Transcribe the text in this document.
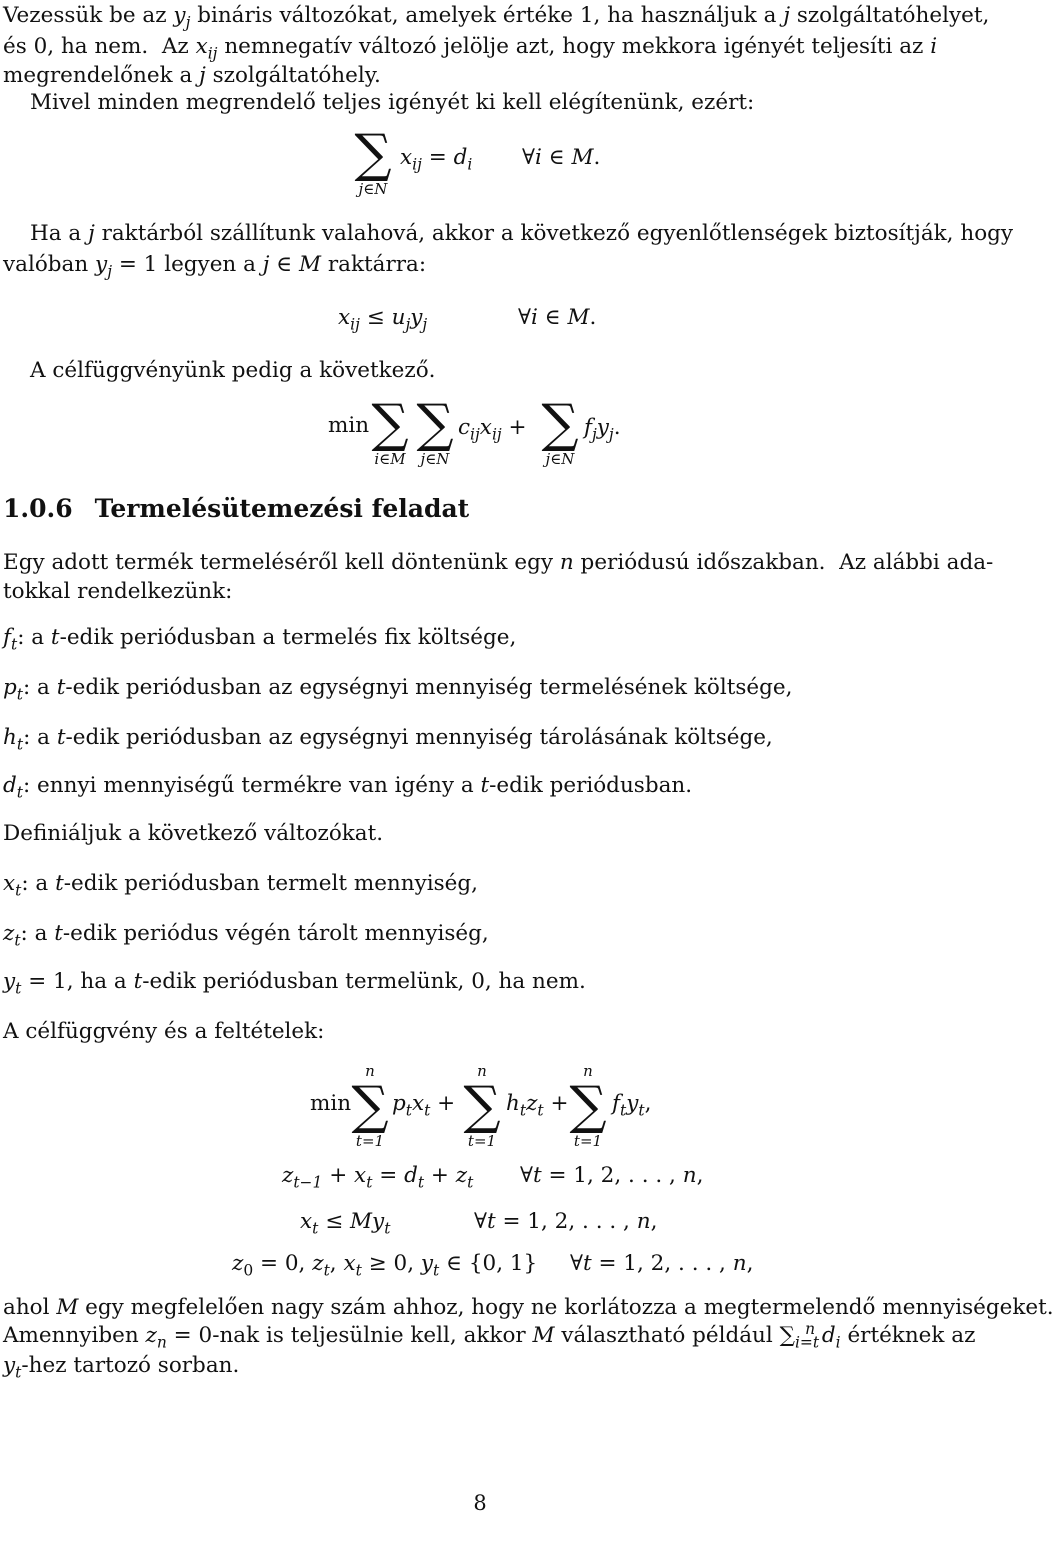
Vezessük be az $y_j$ bináris változókat, amelyek értéke 1, ha használjuk a j szolgáltatóhelyet,
és 0, ha nem.  Az $x_{ij}$ nemnegatív változó jelölje azt, hogy mekkora igényét teljesíti az i
megrendelőnek a j szolgáltatóhely.
Mivel minden megrendelő teljes igényét ki kell elégítenünk, ezért:
∑
j∈N
$x_{ij} = d_i$ ∀i ∈ M.
Ha a j raktárból szállítunk valahová, akkor a következő egyenlőtlenségek biztosítják, hogy
valóban $y_j = 1$ legyen a j ∈ M raktárra:
$x_{ij} \le u_jy_j$	∀i ∈ M.
A célfüggvényünk pedig a következő.
min ∑
i∈M
∑
j∈N
$c_{ij}x_{ij}$ + ∑
j∈N
$f_jy_j$.
1.0.6 Termelésütemezési feladat
Egy adott termék termeléséről kell döntenünk egy n periódusú időszakban.  Az alábbi ada-
tokkal rendelkezünk:
$f_t$: a t-edik periódusban a termelés fix költsége,
$p_t$: a t-edik periódusban az egységnyi mennyiség termelésének költsége,
$h_t$: a t-edik periódusban az egységnyi mennyiség tárolásának költsége,
$d_t$: ennyi mennyiségű termékre van igény a t-edik periódusban.
Definiáljuk a következő változókat.
$x_t$: a t-edik periódusban termelt mennyiség,
$z_t$: a t-edik periódus végén tárolt mennyiség,
$y_t = 1$, ha a t-edik periódusban termelünk, 0, ha nem.
A célfüggvény és a feltételek:
min
n
∑
t=1
$p_tx_t$ +
n
∑
t=1
$h_tz_t$ +
n
∑
t=1
$f_ty_t$,
$z_{t-1} + x_t = d_t + z_t$ ∀t = 1, 2, . . . , n,
$x_t \le My_t$	∀t = 1, 2, . . . , n,
$z_0 = 0$, $z_t$, $x_t \ge 0$, $y_t$ ∈ {0, 1} ∀t = 1, 2, . . . , n,
ahol M egy megfelelően nagy szám ahhoz, hogy ne korlátozza a megtermelendő mennyiségeket.
Amennyiben $z_n = 0-nak$ is teljesülnie kell, akkor M választható például $\sum_{i=t}^n$ $d_i$ értéknek az
$y_t$-hez tartozó sorban.
8
